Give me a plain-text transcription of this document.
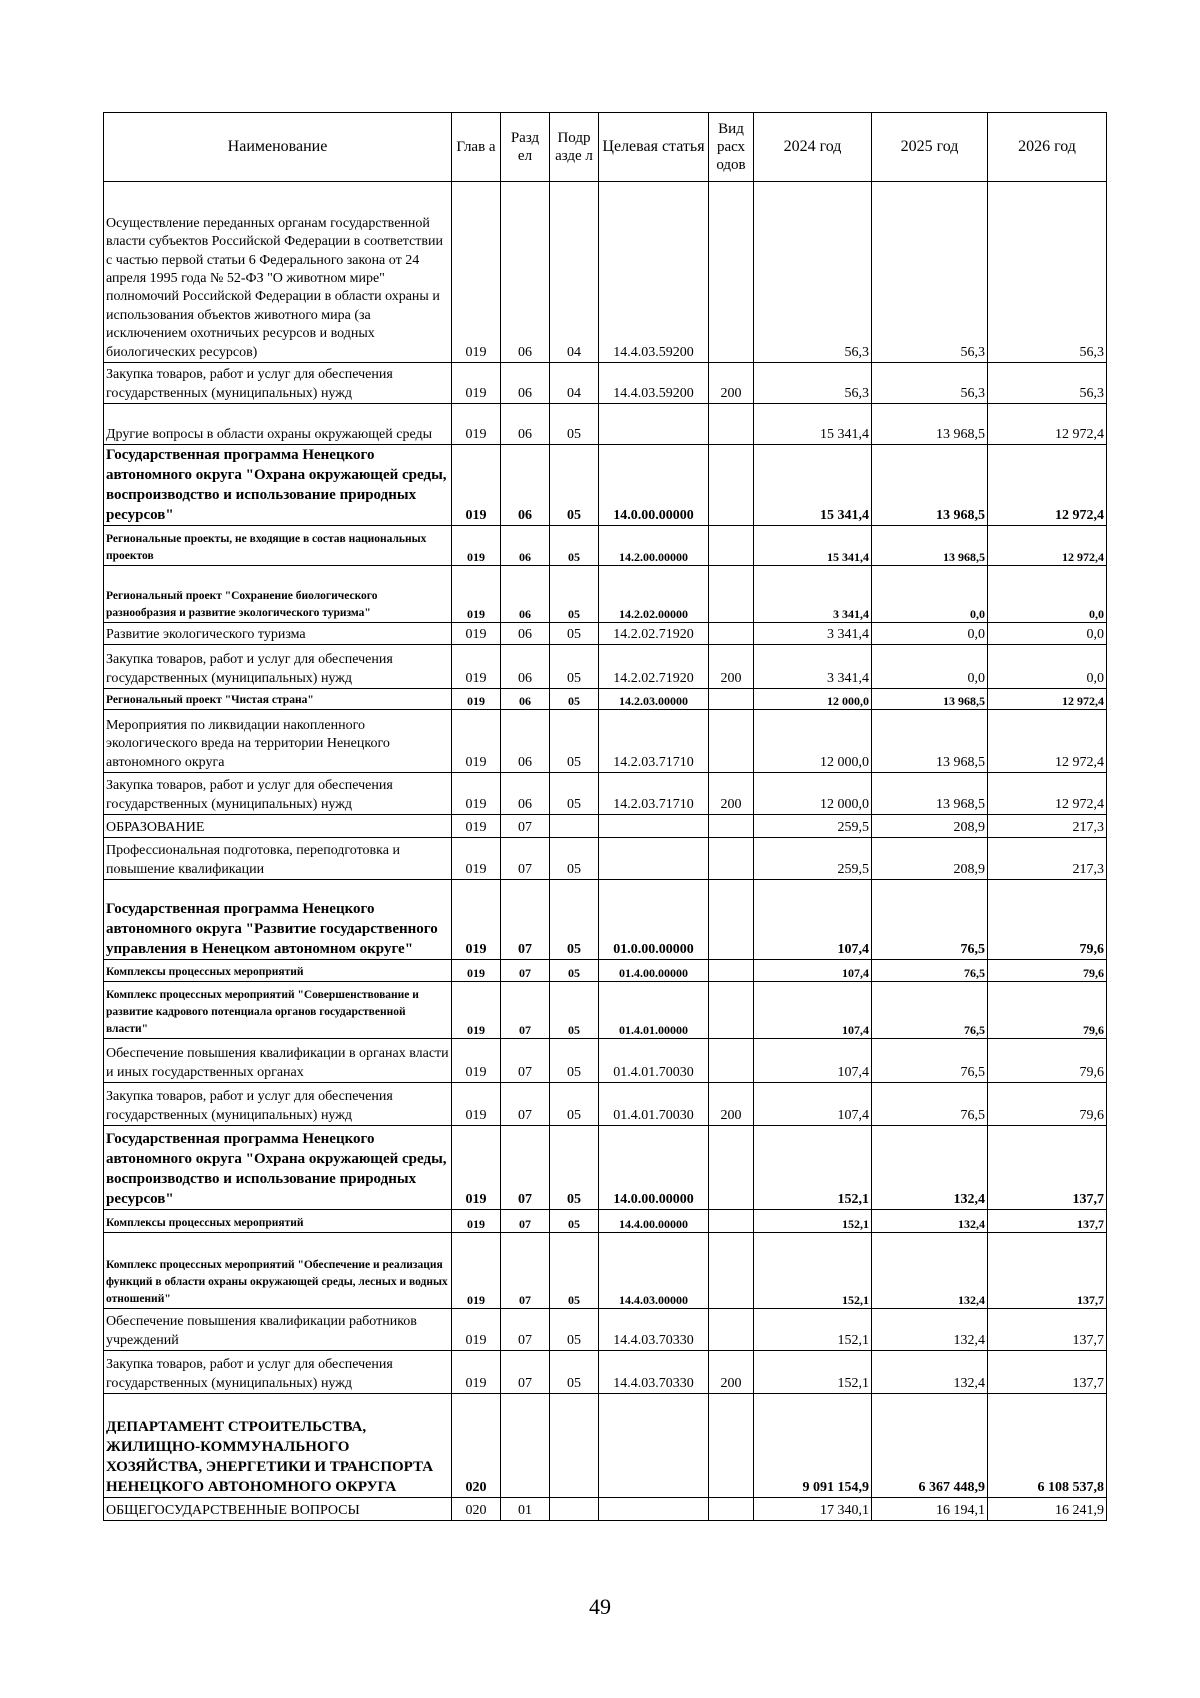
Наименование	Глав а	Разд ел	Подр азде л	Целевая статья	Вид расх одов	2024 год	2025 год	2026 год
Осуществление переданных органам государственной власти субъектов Российской Федерации в соответствии с частью первой статьи 6 Федерального закона от 24 апреля 1995 года № 52-ФЗ "О животном мире" полномочий Российской Федерации в области охраны и использования объектов животного мира (за исключением охотничьих ресурсов и водных биологических ресурсов)	019	06	04	14.4.03.59200		56,3	56,3	56,3
Закупка товаров, работ и услуг для обеспечения государственных (муниципальных) нужд	019	06	04	14.4.03.59200	200	56,3	56,3	56,3
Другие вопросы в области охраны окружающей среды	019	06	05			15 341,4	13 968,5	12 972,4
Государственная программа Ненецкого автономного округа "Охрана окружающей среды, воспроизводство и использование природных ресурсов"	019	06	05	14.0.00.00000		15 341,4	13 968,5	12 972,4
Региональные проекты, не входящие в состав национальных проектов	019	06	05	14.2.00.00000		15 341,4	13 968,5	12 972,4
Региональный проект "Сохранение биологического разнообразия и развитие экологического туризма"	019	06	05	14.2.02.00000		3 341,4	0,0	0,0
Развитие экологического туризма	019	06	05	14.2.02.71920		3 341,4	0,0	0,0
Закупка товаров, работ и услуг для обеспечения государственных (муниципальных) нужд	019	06	05	14.2.02.71920	200	3 341,4	0,0	0,0
Региональный проект "Чистая страна"	019	06	05	14.2.03.00000		12 000,0	13 968,5	12 972,4
Мероприятия по ликвидации накопленного экологического вреда на территории Ненецкого автономного округа	019	06	05	14.2.03.71710		12 000,0	13 968,5	12 972,4
Закупка товаров, работ и услуг для обеспечения государственных (муниципальных) нужд	019	06	05	14.2.03.71710	200	12 000,0	13 968,5	12 972,4
ОБРАЗОВАНИЕ	019	07				259,5	208,9	217,3
Профессиональная подготовка, переподготовка и повышение квалификации	019	07	05			259,5	208,9	217,3
Государственная программа Ненецкого автономного округа "Развитие государственного управления в Ненецком автономном округе"	019	07	05	01.0.00.00000		107,4	76,5	79,6
Комплексы процессных мероприятий	019	07	05	01.4.00.00000		107,4	76,5	79,6
Комплекс процессных мероприятий "Совершенствование и развитие кадрового потенциала органов государственной власти"	019	07	05	01.4.01.00000		107,4	76,5	79,6
Обеспечение повышения квалификации в органах власти и иных государственных органах	019	07	05	01.4.01.70030		107,4	76,5	79,6
Закупка товаров, работ и услуг для обеспечения государственных (муниципальных) нужд	019	07	05	01.4.01.70030	200	107,4	76,5	79,6
Государственная программа Ненецкого автономного округа "Охрана окружающей среды, воспроизводство и использование природных ресурсов"	019	07	05	14.0.00.00000		152,1	132,4	137,7
Комплексы процессных мероприятий	019	07	05	14.4.00.00000		152,1	132,4	137,7
Комплекс процессных мероприятий "Обеспечение и реализация функций в области охраны окружающей среды, лесных и водных отношений"	019	07	05	14.4.03.00000		152,1	132,4	137,7
Обеспечение повышения квалификации работников учреждений	019	07	05	14.4.03.70330		152,1	132,4	137,7
Закупка товаров, работ и услуг для обеспечения государственных (муниципальных) нужд	019	07	05	14.4.03.70330	200	152,1	132,4	137,7
ДЕПАРТАМЕНТ СТРОИТЕЛЬСТВА, ЖИЛИЩНО-КОММУНАЛЬНОГО ХОЗЯЙСТВА, ЭНЕРГЕТИКИ И ТРАНСПОРТА НЕНЕЦКОГО АВТОНОМНОГО ОКРУГА	020					9 091 154,9	6 367 448,9	6 108 537,8
ОБЩЕГОСУДАРСТВЕННЫЕ ВОПРОСЫ	020	01				17 340,1	16 194,1	16 241,9
49
